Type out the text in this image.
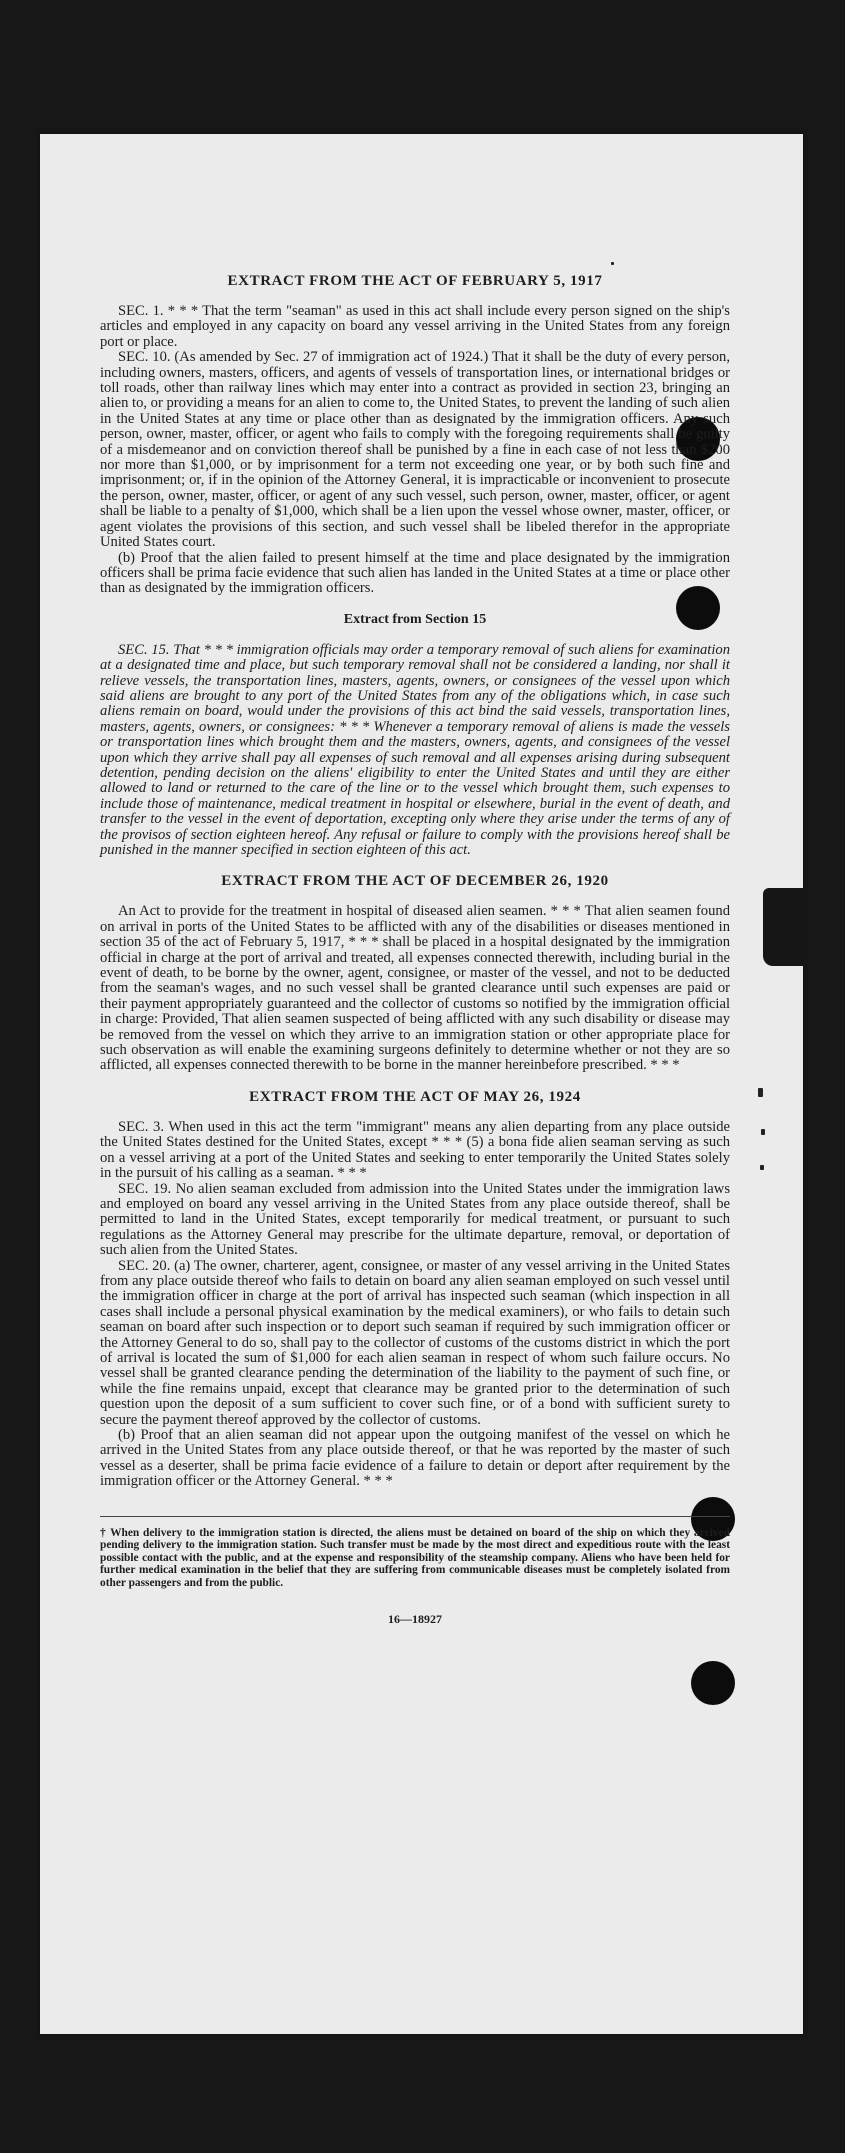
EXTRACT FROM THE ACT OF FEBRUARY 5, 1917

SEC. 1. * * * That the term "seaman" as used in this act shall include every person signed on the ship's articles and employed in any capacity on board any vessel arriving in the United States from any foreign port or place.

SEC. 10. (As amended by Sec. 27 of immigration act of 1924.) That it shall be the duty of every person, including owners, masters, officers, and agents of vessels of transportation lines, or international bridges or toll roads, other than railway lines which may enter into a contract as provided in section 23, bringing an alien to, or providing a means for an alien to come to, the United States, to prevent the landing of such alien in the United States at any time or place other than as designated by the immigration officers. Any such person, owner, master, officer, or agent who fails to comply with the foregoing requirements shall be guilty of a misdemeanor and on conviction thereof shall be punished by a fine in each case of not less than $200 nor more than $1,000, or by imprisonment for a term not exceeding one year, or by both such fine and imprisonment; or, if in the opinion of the Attorney General, it is impracticable or inconvenient to prosecute the person, owner, master, officer, or agent of any such vessel, such person, owner, master, officer, or agent shall be liable to a penalty of $1,000, which shall be a lien upon the vessel whose owner, master, officer, or agent violates the provisions of this section, and such vessel shall be libeled therefor in the appropriate United States court.

(b) Proof that the alien failed to present himself at the time and place designated by the immigration officers shall be prima facie evidence that such alien has landed in the United States at a time or place other than as designated by the immigration officers.

Extract from Section 15

SEC. 15. That * * * immigration officials may order a temporary removal of such aliens for examination at a designated time and place, but such temporary removal shall not be considered a landing, nor shall it relieve vessels, the transportation lines, masters, agents, owners, or consignees of the vessel upon which said aliens are brought to any port of the United States from any of the obligations which, in case such aliens remain on board, would under the provisions of this act bind the said vessels, transportation lines, masters, agents, owners, or consignees: * * * Whenever a temporary removal of aliens is made the vessels or transportation lines which brought them and the masters, owners, agents, and consignees of the vessel upon which they arrive shall pay all expenses of such removal and all expenses arising during subsequent detention, pending decision on the aliens' eligibility to enter the United States and until they are either allowed to land or returned to the care of the line or to the vessel which brought them, such expenses to include those of maintenance, medical treatment in hospital or elsewhere, burial in the event of death, and transfer to the vessel in the event of deportation, excepting only where they arise under the terms of any of the provisos of section eighteen hereof. Any refusal or failure to comply with the provisions hereof shall be punished in the manner specified in section eighteen of this act.

EXTRACT FROM THE ACT OF DECEMBER 26, 1920

An Act to provide for the treatment in hospital of diseased alien seamen. * * * That alien seamen found on arrival in ports of the United States to be afflicted with any of the disabilities or diseases mentioned in section 35 of the act of February 5, 1917, * * * shall be placed in a hospital designated by the immigration official in charge at the port of arrival and treated, all expenses connected therewith, including burial in the event of death, to be borne by the owner, agent, consignee, or master of the vessel, and not to be deducted from the seaman's wages, and no such vessel shall be granted clearance until such expenses are paid or their payment appropriately guaranteed and the collector of customs so notified by the immigration official in charge: Provided, That alien seamen suspected of being afflicted with any such disability or disease may be removed from the vessel on which they arrive to an immigration station or other appropriate place for such observation as will enable the examining surgeons definitely to determine whether or not they are so afflicted, all expenses connected therewith to be borne in the manner hereinbefore prescribed. * * *

EXTRACT FROM THE ACT OF MAY 26, 1924

SEC. 3. When used in this act the term "immigrant" means any alien departing from any place outside the United States destined for the United States, except * * * (5) a bona fide alien seaman serving as such on a vessel arriving at a port of the United States and seeking to enter temporarily the United States solely in the pursuit of his calling as a seaman. * * *

SEC. 19. No alien seaman excluded from admission into the United States under the immigration laws and employed on board any vessel arriving in the United States from any place outside thereof, shall be permitted to land in the United States, except temporarily for medical treatment, or pursuant to such regulations as the Attorney General may prescribe for the ultimate departure, removal, or deportation of such alien from the United States.

SEC. 20. (a) The owner, charterer, agent, consignee, or master of any vessel arriving in the United States from any place outside thereof who fails to detain on board any alien seaman employed on such vessel until the immigration officer in charge at the port of arrival has inspected such seaman (which inspection in all cases shall include a personal physical examination by the medical examiners), or who fails to detain such seaman on board after such inspection or to deport such seaman if required by such immigration officer or the Attorney General to do so, shall pay to the collector of customs of the customs district in which the port of arrival is located the sum of $1,000 for each alien seaman in respect of whom such failure occurs. No vessel shall be granted clearance pending the determination of the liability to the payment of such fine, or while the fine remains unpaid, except that clearance may be granted prior to the determination of such question upon the deposit of a sum sufficient to cover such fine, or of a bond with sufficient surety to secure the payment thereof approved by the collector of customs.

(b) Proof that an alien seaman did not appear upon the outgoing manifest of the vessel on which he arrived in the United States from any place outside thereof, or that he was reported by the master of such vessel as a deserter, shall be prima facie evidence of a failure to detain or deport after requirement by the immigration officer or the Attorney General. * * *

† When delivery to the immigration station is directed, the aliens must be detained on board of the ship on which they arrived pending delivery to the immigration station. Such transfer must be made by the most direct and expeditious route with the least possible contact with the public, and at the expense and responsibility of the steamship company. Aliens who have been held for further medical examination in the belief that they are suffering from communicable diseases must be completely isolated from other passengers and from the public.
16—18927
